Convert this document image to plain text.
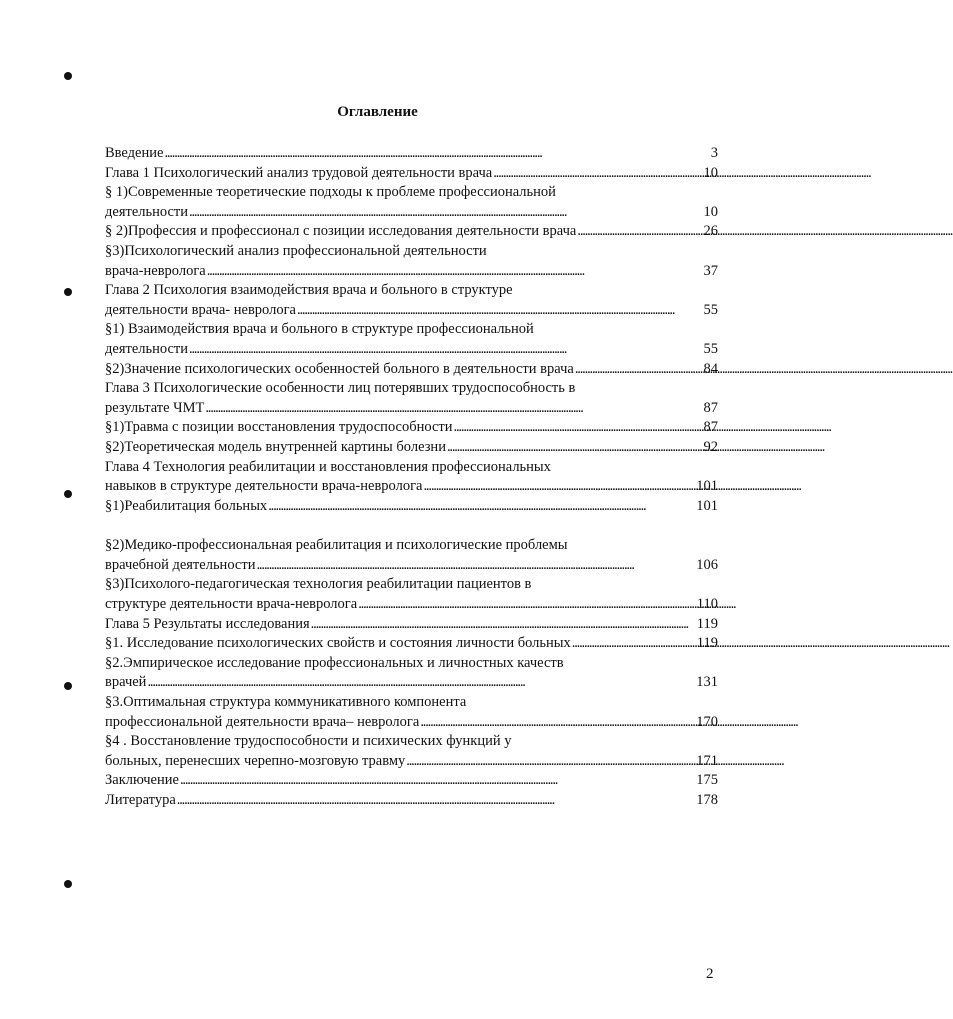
Оглавление
Введение . . .	3
Глава 1 Психологический анализ трудовой деятельности врача . . .	10
§ 1)Современные теоретические подходы к проблеме профессиональной
деятельности . . .	10
§ 2)Профессия и профессионал с позиции исследования деятельности врача . . .	26
§3)Психологический анализ профессиональной деятельности
врача-невролога . . .	37
Глава 2 Психология взаимодействия врача и больного в структуре
деятельности врача- невролога . . .	55
§1) Взаимодействия врача и больного в структуре профессиональной
деятельности . . .	55
§2)Значение психологических особенностей больного в деятельности врача . . .	84
Глава 3 Психологические особенности лиц потерявших трудоспособность в
результате ЧМТ . . .	87
§1)Травма с позиции восстановления трудоспособности . . .	87
§2)Теоретическая модель внутренней картины болезни . . .	92
Глава 4 Технология реабилитации и восстановления профессиональных
навыков в структуре деятельности врача-невролога . . .	101
§1)Реабилитация больных . . .	101
§2)Медико-профессиональная реабилитация и психологические проблемы
врачебной деятельности . . .	106
§3)Психолого-педагогическая технология реабилитации пациентов в
структуре деятельности врача-невролога . . .	110
Глава 5 Результаты исследования . . .	119
§1. Исследование психологических свойств и состояния личности больных . . .	119
§2.Эмпирическое исследование профессиональных и личностных качеств
врачей . . .	131
§3.Оптимальная структура коммуникативного компонента
профессиональной деятельности врача– невролога . . .	170
§4 . Восстановление трудоспособности и психических функций у
больных, перенесших черепно-мозговую травму . . .	171
Заключение . . .	175
Литература . . .	178
2
